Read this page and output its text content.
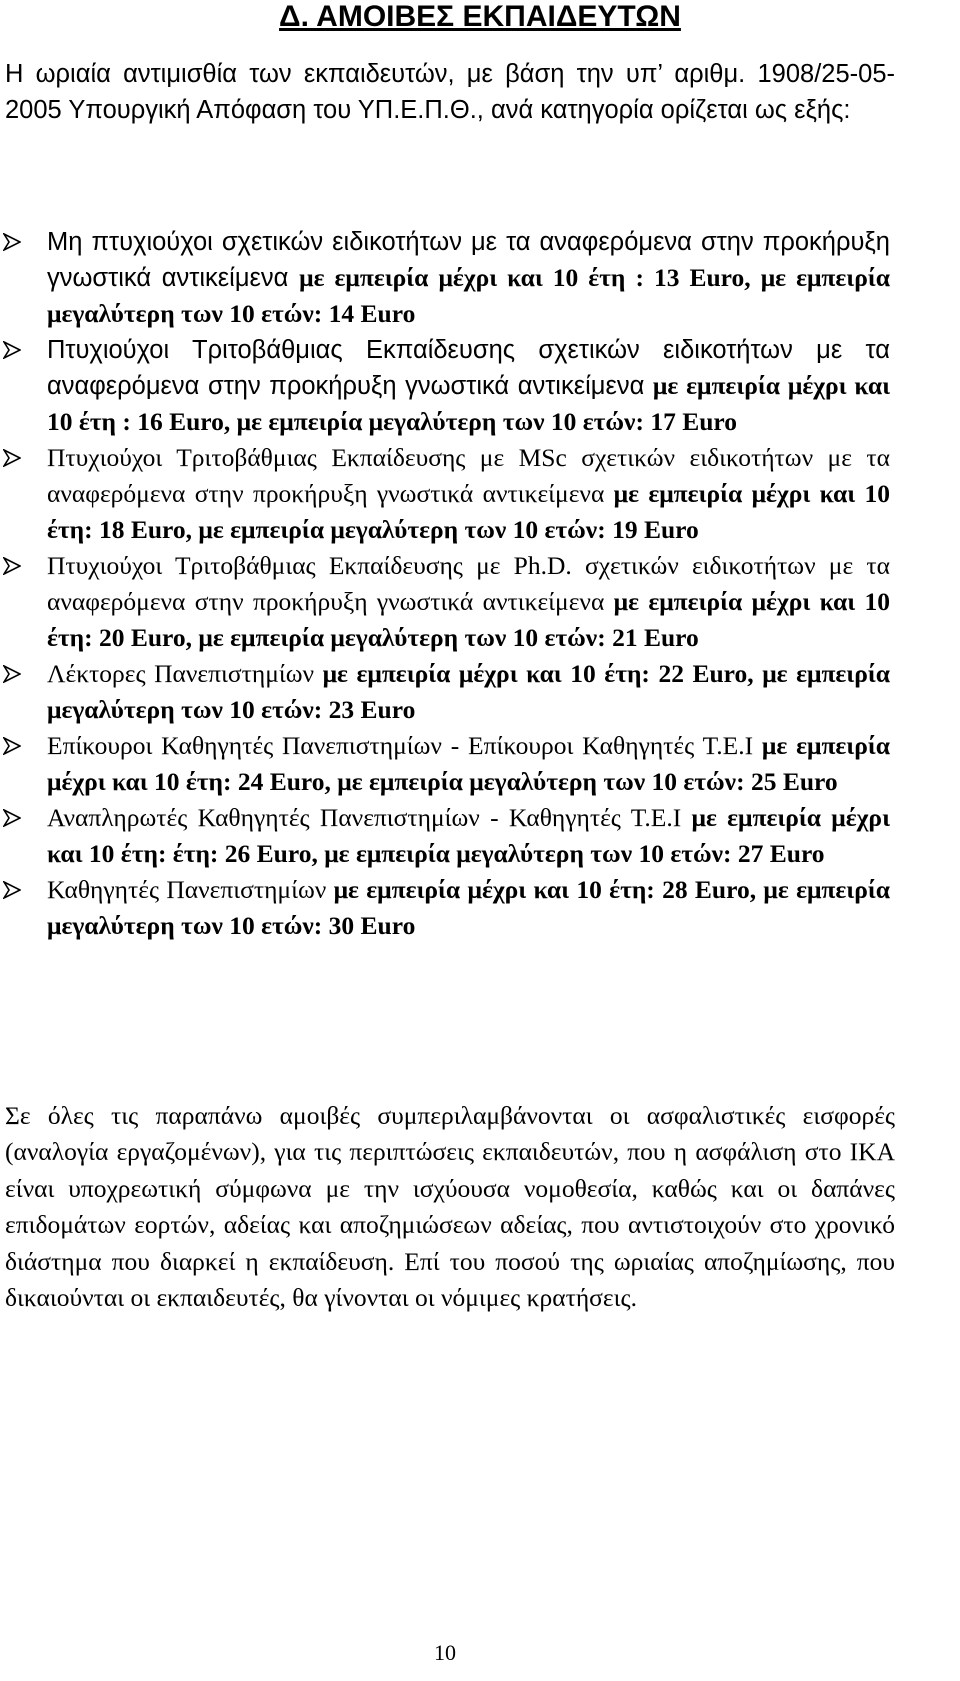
Δ. ΑΜΟΙΒΕΣ ΕΚΠΑΙΔΕΥΤΩΝ

Η ωριαία αντιμισθία των εκπαιδευτών, με βάση την υπ’ αριθμ. 1908/25-05-2005 Υπουργική Απόφαση του ΥΠ.Ε.Π.Θ., ανά κατηγορία ορίζεται ως εξής:

Μη πτυχιούχοι σχετικών ειδικοτήτων με τα αναφερόμενα στην προκήρυξη γνωστικά αντικείμενα με εμπειρία μέχρι και 10 έτη : 13 Euro, με εμπειρία μεγαλύτερη των 10 ετών: 14 Euro
Πτυχιούχοι Τριτοβάθμιας Εκπαίδευσης σχετικών ειδικοτήτων με τα αναφερόμενα στην προκήρυξη γνωστικά αντικείμενα με εμπειρία μέχρι και 10 έτη : 16 Euro, με εμπειρία μεγαλύτερη των 10 ετών: 17 Euro
Πτυχιούχοι Τριτοβάθμιας Εκπαίδευσης με MSc σχετικών ειδικοτήτων με τα αναφερόμενα στην προκήρυξη γνωστικά αντικείμενα με εμπειρία μέχρι και 10 έτη: 18 Euro, με εμπειρία μεγαλύτερη των 10 ετών: 19 Euro
Πτυχιούχοι Τριτοβάθμιας Εκπαίδευσης με Ph.D. σχετικών ειδικοτήτων με τα αναφερόμενα στην προκήρυξη γνωστικά αντικείμενα με εμπειρία μέχρι και 10 έτη: 20 Euro, με εμπειρία μεγαλύτερη των 10 ετών: 21 Euro
Λέκτορες Πανεπιστημίων με εμπειρία μέχρι και 10 έτη: 22 Euro, με εμπειρία μεγαλύτερη των 10 ετών: 23 Euro
Επίκουροι Καθηγητές Πανεπιστημίων - Επίκουροι Καθηγητές Τ.Ε.Ι με εμπειρία μέχρι και 10 έτη: 24 Euro, με εμπειρία μεγαλύτερη των 10 ετών: 25 Euro
Αναπληρωτές Καθηγητές Πανεπιστημίων - Καθηγητές Τ.Ε.Ι με εμπειρία μέχρι και 10 έτη: έτη: 26 Euro, με εμπειρία μεγαλύτερη των 10 ετών: 27 Euro
Καθηγητές Πανεπιστημίων με εμπειρία μέχρι και 10 έτη: 28 Euro, με εμπειρία μεγαλύτερη των 10 ετών: 30 Euro

Σε όλες τις παραπάνω αμοιβές συμπεριλαμβάνονται οι ασφαλιστικές εισφορές (αναλογία εργαζομένων), για τις περιπτώσεις εκπαιδευτών, που η ασφάλιση στο ΙΚΑ είναι υποχρεωτική σύμφωνα με την ισχύουσα νομοθεσία, καθώς και οι δαπάνες επιδομάτων εορτών, αδείας και αποζημιώσεων αδείας, που αντιστοιχούν στο χρονικό διάστημα που διαρκεί η εκπαίδευση. Επί του ποσού της ωριαίας αποζημίωσης, που δικαιούνται οι εκπαιδευτές, θα γίνονται οι νόμιμες κρατήσεις.

10
